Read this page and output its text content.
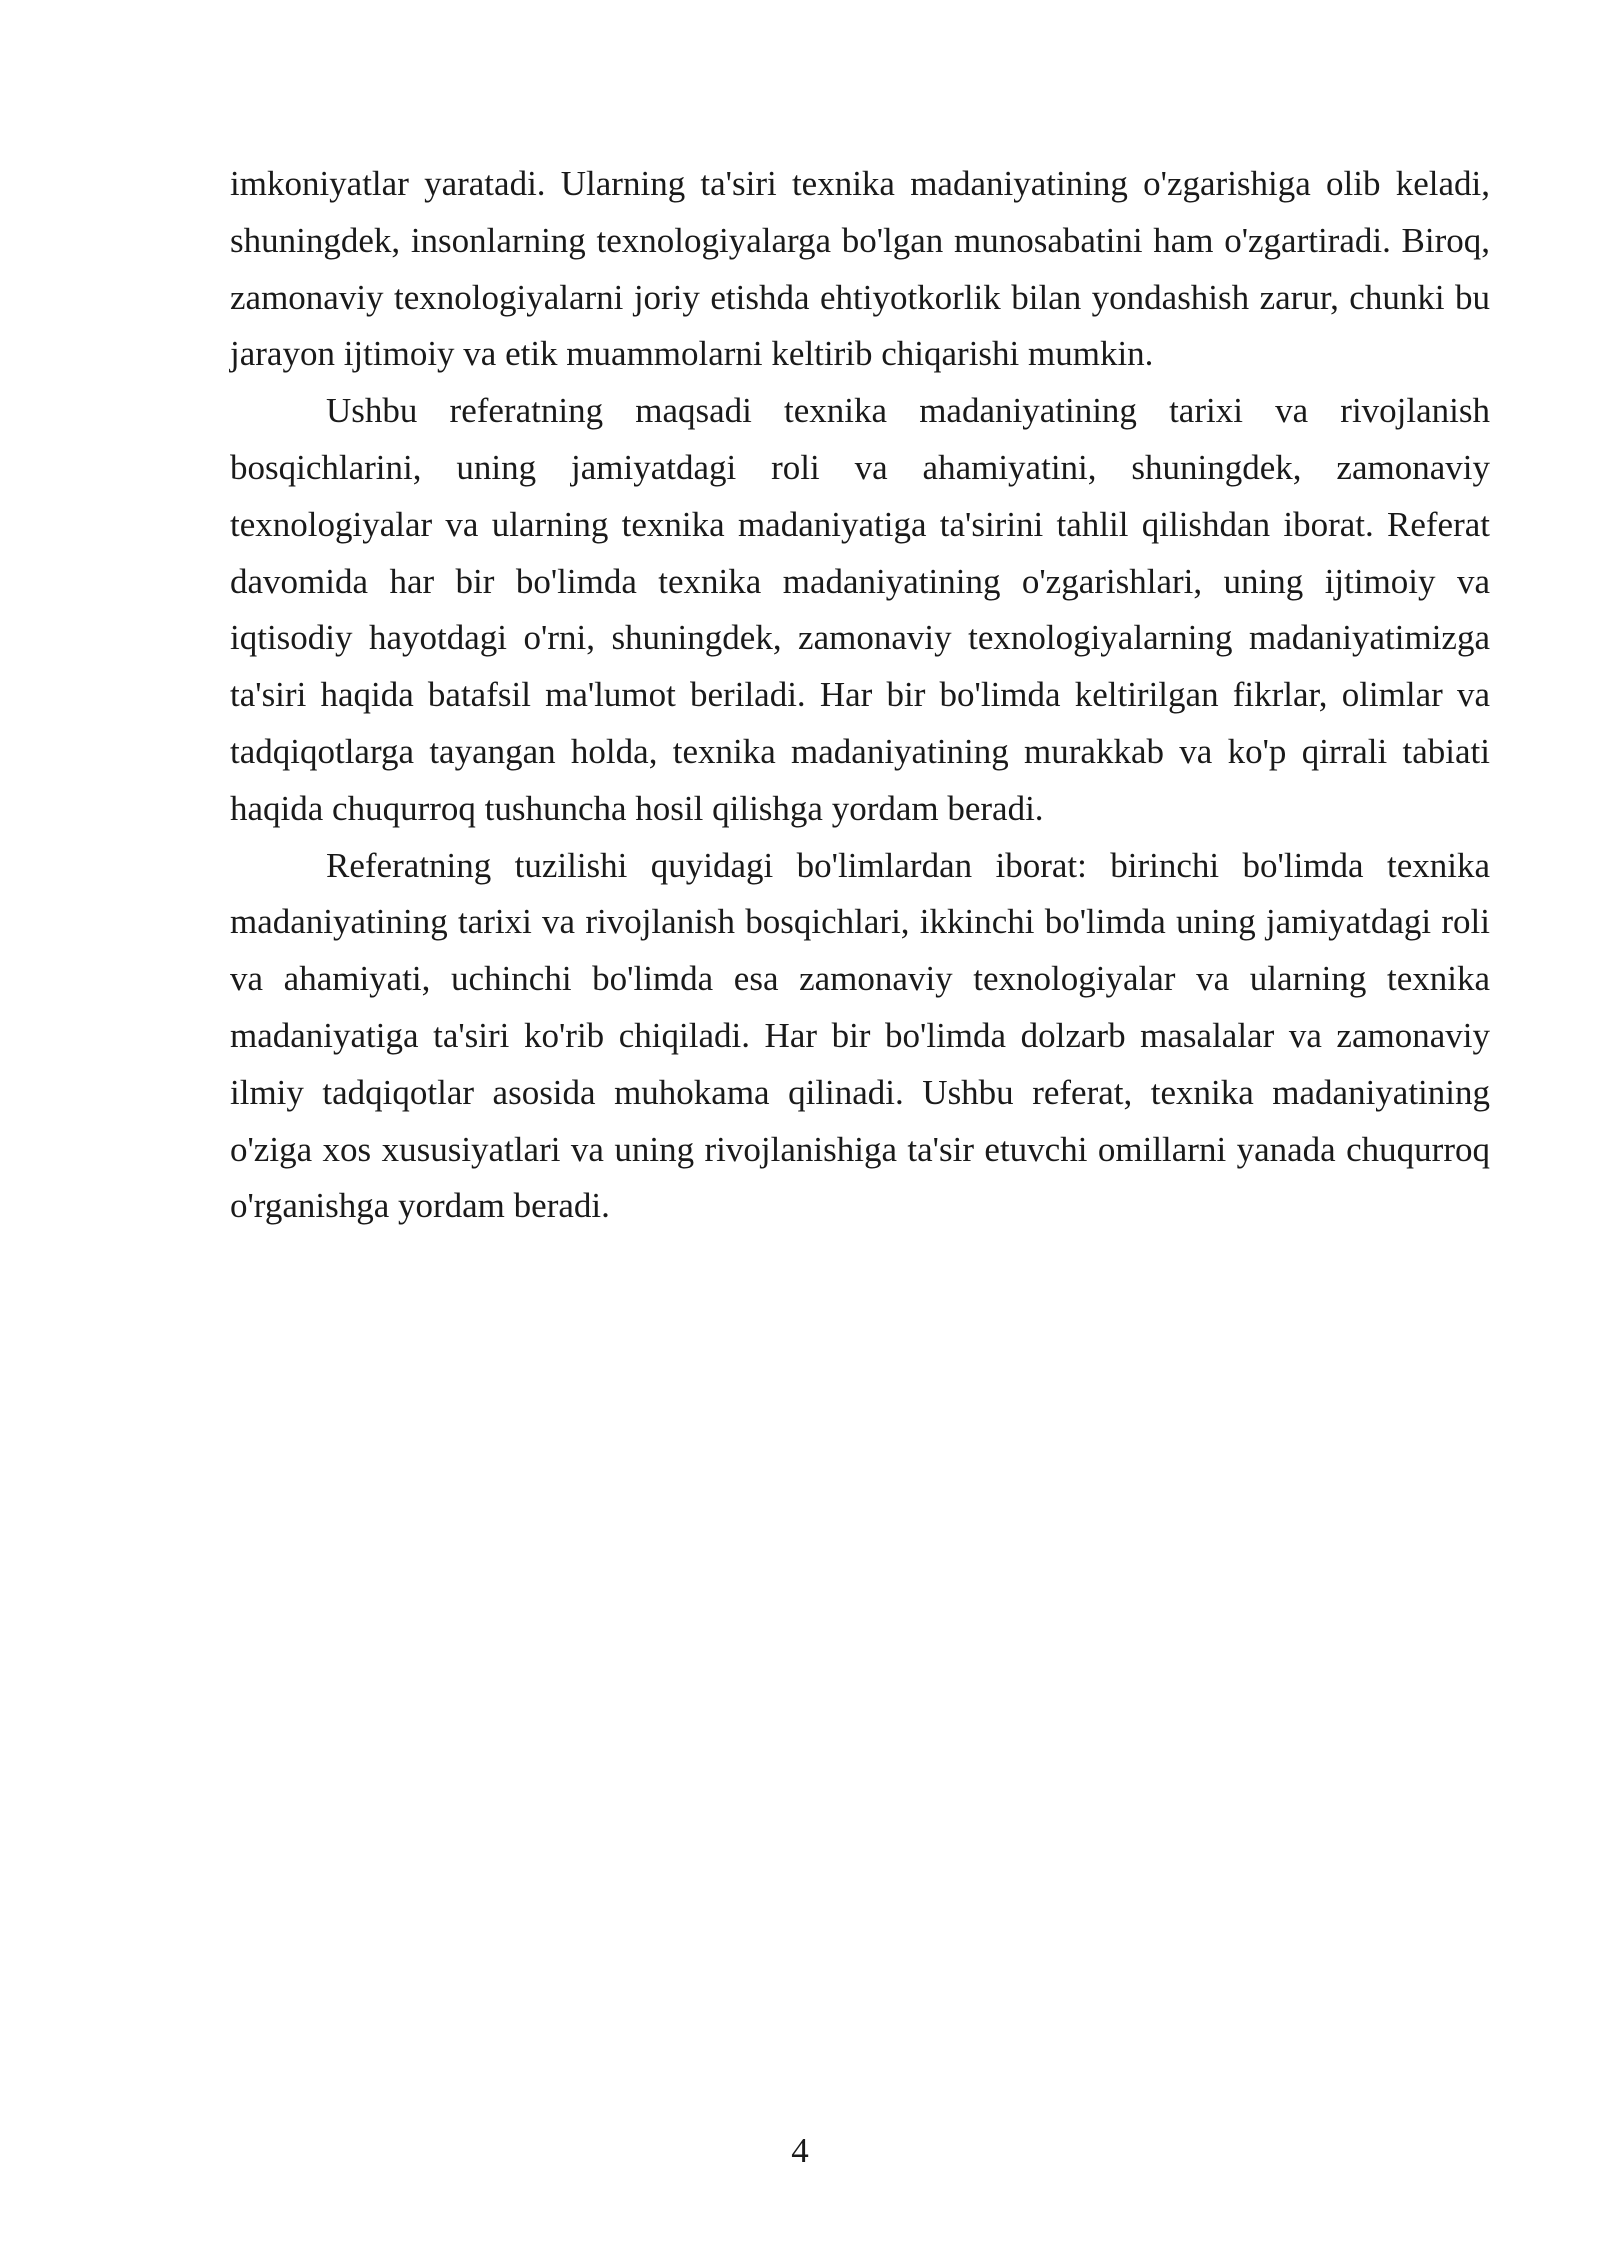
imkoniyatlar yaratadi. Ularning ta'siri texnika madaniyatining o'zgarishiga olib keladi, shuningdek, insonlarning texnologiyalarga bo'lgan munosabatini ham o'zgartiradi. Biroq, zamonaviy texnologiyalarni joriy etishda ehtiyotkorlik bilan yondashish zarur, chunki bu jarayon ijtimoiy va etik muammolarni keltirib chiqarishi mumkin.

Ushbu referatning maqsadi texnika madaniyatining tarixi va rivojlanish bosqichlarini, uning jamiyatdagi roli va ahamiyatini, shuningdek, zamonaviy texnologiyalar va ularning texnika madaniyatiga ta'sirini tahlil qilishdan iborat. Referat davomida har bir bo'limda texnika madaniyatining o'zgarishlari, uning ijtimoiy va iqtisodiy hayotdagi o'rni, shuningdek, zamonaviy texnologiyalarning madaniyatimizga ta'siri haqida batafsil ma'lumot beriladi. Har bir bo'limda keltirilgan fikrlar, olimlar va tadqiqotlarga tayangan holda, texnika madaniyatining murakkab va ko'p qirrali tabiati haqida chuqurroq tushuncha hosil qilishga yordam beradi.

Referatning tuzilishi quyidagi bo'limlardan iborat: birinchi bo'limda texnika madaniyatining tarixi va rivojlanish bosqichlari, ikkinchi bo'limda uning jamiyatdagi roli va ahamiyati, uchinchi bo'limda esa zamonaviy texnologiyalar va ularning texnika madaniyatiga ta'siri ko'rib chiqiladi. Har bir bo'limda dolzarb masalalar va zamonaviy ilmiy tadqiqotlar asosida muhokama qilinadi. Ushbu referat, texnika madaniyatining o'ziga xos xususiyatlari va uning rivojlanishiga ta'sir etuvchi omillarni yanada chuqurroq o'rganishga yordam beradi.

4
